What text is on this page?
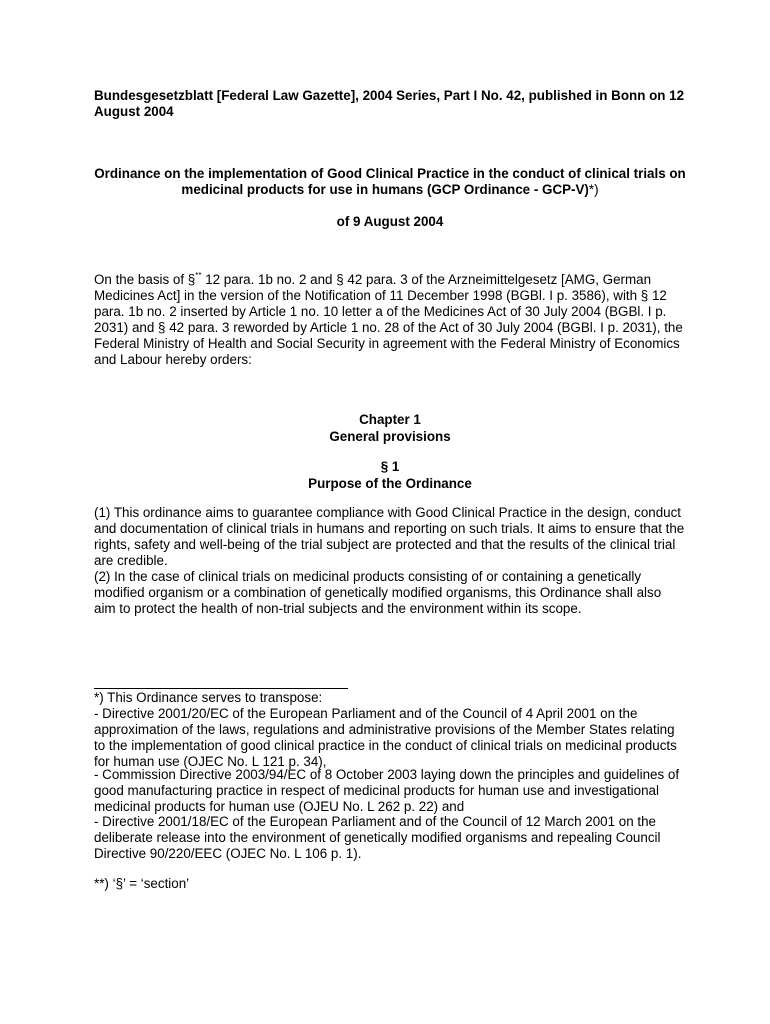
Bundesgesetzblatt [Federal Law Gazette], 2004 Series, Part I No. 42, published in Bonn on 12 August 2004

Ordinance on the implementation of Good Clinical Practice in the conduct of clinical trials on medicinal products for use in humans (GCP Ordinance - GCP-V)*)

of 9 August 2004

On the basis of §** 12 para. 1b no. 2 and § 42 para. 3 of the Arzneimittelgesetz [AMG, German Medicines Act] in the version of the Notification of 11 December 1998 (BGBl. I p. 3586), with § 12 para. 1b no. 2 inserted by Article 1 no. 10 letter a of the Medicines Act of 30 July 2004 (BGBl. I p. 2031) and § 42 para. 3 reworded by Article 1 no. 28 of the Act of 30 July 2004 (BGBl. I p. 2031), the Federal Ministry of Health and Social Security in agreement with the Federal Ministry of Economics and Labour hereby orders:

Chapter 1

General provisions

§ 1

Purpose of the Ordinance

(1) This ordinance aims to guarantee compliance with Good Clinical Practice in the design, conduct and documentation of clinical trials in humans and reporting on such trials. It aims to ensure that the rights, safety and well-being of the trial subject are protected and that the results of the clinical trial are credible.

(2) In the case of clinical trials on medicinal products consisting of or containing a genetically modified organism or a combination of genetically modified organisms, this Ordinance shall also aim to protect the health of non-trial subjects and the environment within its scope.

*) This Ordinance serves to transpose:

- Directive 2001/20/EC of the European Parliament and of the Council of 4 April 2001 on the approximation of the laws, regulations and administrative provisions of the Member States relating to the implementation of good clinical practice in the conduct of clinical trials on medicinal products for human use (OJEC No. L 121 p. 34),

- Commission Directive 2003/94/EC of 8 October 2003 laying down the principles and guidelines of good manufacturing practice in respect of medicinal products for human use and investigational medicinal products for human use (OJEU No. L 262 p. 22) and

- Directive 2001/18/EC of the European Parliament and of the Council of 12 March 2001 on the deliberate release into the environment of genetically modified organisms and repealing Council Directive 90/220/EEC (OJEC No. L 106 p. 1).

**) ‘§’ = ‘section’
